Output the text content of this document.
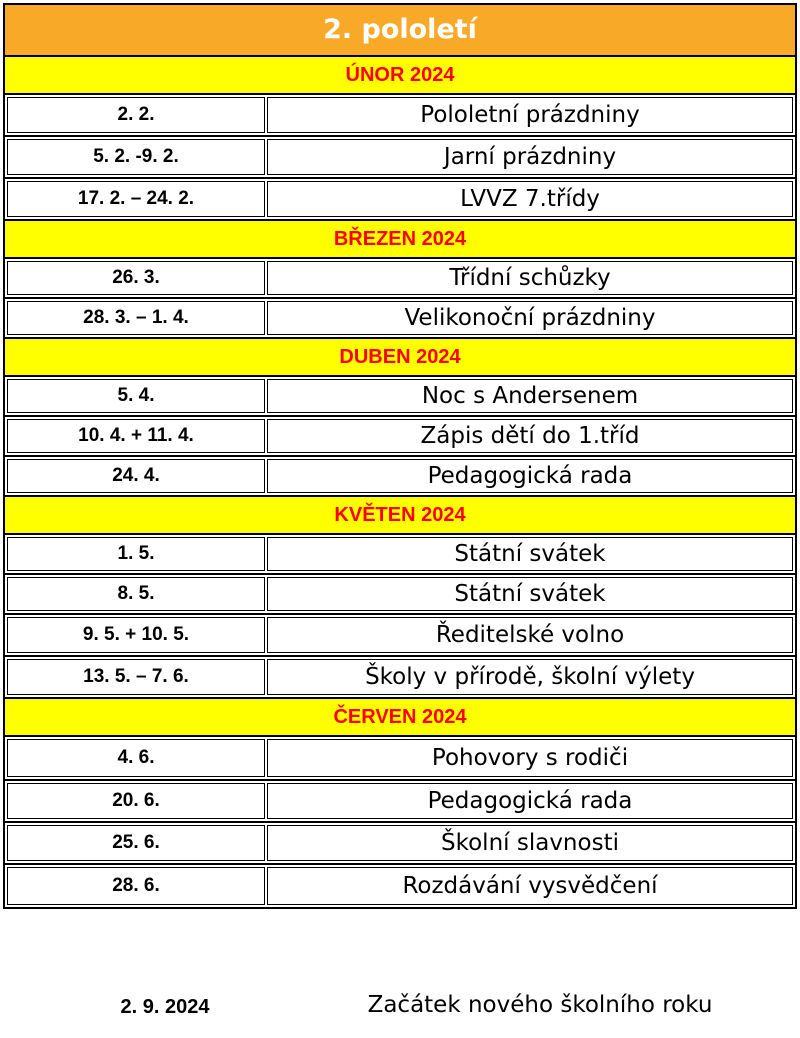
2. pololetí
ÚNOR 2024
2. 2.	Pololetní prázdniny
5. 2. -9. 2.	Jarní prázdniny
17. 2. – 24. 2.	LVVZ 7.třídy
BŘEZEN 2024
26. 3.	Třídní schůzky
28. 3. – 1. 4.	Velikonoční prázdniny
DUBEN 2024
5. 4.	Noc s Andersenem
10. 4. + 11. 4.	Zápis dětí do 1.tříd
24. 4.	Pedagogická rada
KVĚTEN 2024
1. 5.	Státní svátek
8. 5.	Státní svátek
9. 5. + 10. 5.	Ředitelské volno
13. 5. – 7. 6.	Školy v přírodě, školní výlety
ČERVEN 2024
4. 6.	Pohovory s rodiči
20. 6.	Pedagogická rada
25. 6.	Školní slavnosti
28. 6.	Rozdávání vysvědčení
2. 9. 2024	Začátek nového školního roku
